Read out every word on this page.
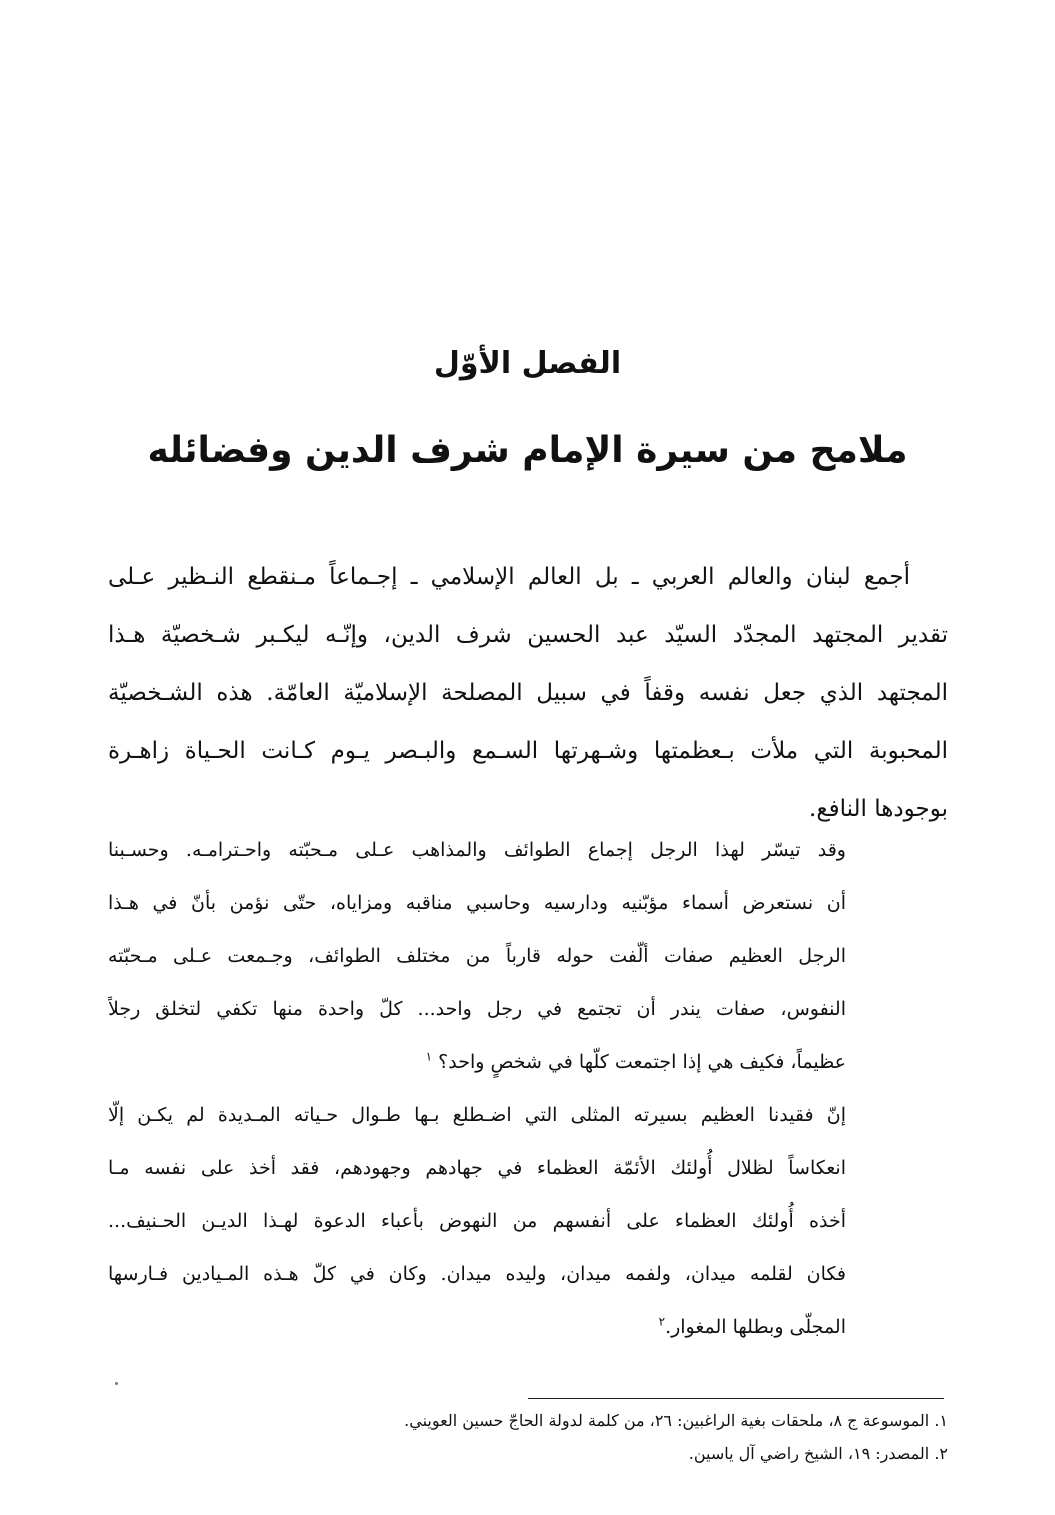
الفصل الأوّل
ملامح من سيرة الإمام شرف الدين وفضائله
أجمع لبنان والعالم العربي ـ بل العالم الإسلامي ـ إجـماعاً مـنقطع النـظير عـلى
تقدير المجتهد المجدّد السيّد عبد الحسين شرف الدين، وإنّـه ليكـبر شـخصيّة هـذا
المجتهد الذي جعل نفسه وقفاً في سبيل المصلحة الإسلاميّة العامّة. هذه الشـخصيّة
المحبوبة التي ملأت بـعظمتها وشـهرتها السـمع والبـصر يـوم كـانت الحـياة زاهـرة
بوجودها النافع.
وقد تيسّر لهذا الرجل إجماع الطوائف والمذاهب عـلى مـحبّته واحـترامـه. وحسـبنا
أن نستعرض أسماء مؤبّنيه ودارسيه وحاسبي مناقبه ومزاياه، حتّى نؤمن بأنّ في هـذا
الرجل العظيم صفات ألّفت حوله قارباً من مختلف الطوائف، وجـمعت عـلى مـحبّته
النفوس، صفات يندر أن تجتمع في رجل واحد... كلّ واحدة منها تكفي لتخلق رجلاً
عظيماً، فكيف هي إذا اجتمعت كلّها في شخصٍ واحد؟ $^١$
إنّ فقيدنا العظيم بسيرته المثلى التي اضـطلع بـها طـوال حـياته المـديدة لم يكـن إلّا
انعكاساً لظلال أُولئك الأئمّة العظماء في جهادهم وجهودهم، فقد أخذ على نفسه مـا
أخذه أُولئك العظماء على أنفسهم من النهوض بأعباء الدعوة لهـذا الديـن الحـنيف...
فكان لقلمه ميدان، ولفمه ميدان، وليده ميدان. وكان في كلّ هـذه المـيادين فـارسها
المجلّى وبطلها المغوار.$^٢$
١. الموسوعة ج ٨، ملحقات بغية الراغبين: ٢٦، من كلمة لدولة الحاجّ حسين العويني.
٢. المصدر: ١٩، الشيخ راضي آل ياسين.
